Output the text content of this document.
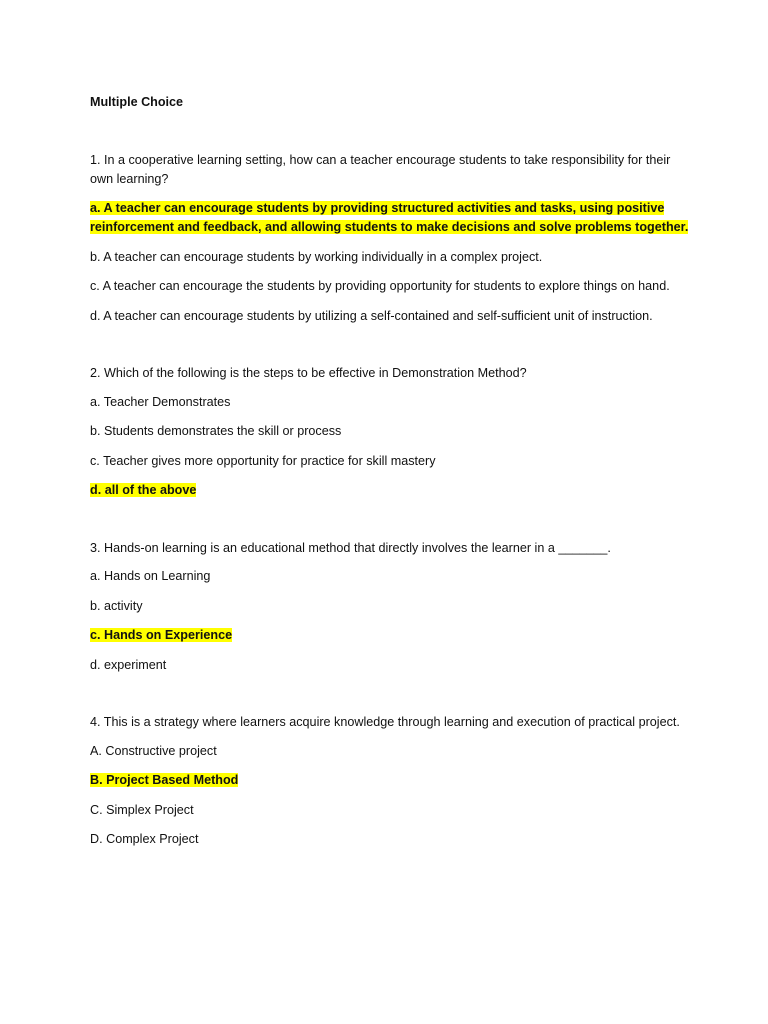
Multiple Choice

1. In a cooperative learning setting, how can a teacher encourage students to take responsibility for their own learning?

a. A teacher can encourage students by providing structured activities and tasks, using positive reinforcement and feedback, and allowing students to make decisions and solve problems together.

b. A teacher can encourage students by working individually in a complex project.

c. A teacher can encourage the students by providing opportunity for students to explore things on hand.

d. A teacher can encourage students by utilizing a self-contained and self-sufficient unit of instruction.

2. Which of the following is the steps to be effective in Demonstration Method?

a. Teacher Demonstrates

b. Students demonstrates the skill or process

c. Teacher gives more opportunity for practice for skill mastery

d. all of the above

3. Hands-on learning is an educational method that directly involves the learner in a _______.

a. Hands on Learning

b. activity

c. Hands on Experience

d. experiment

4. This is a strategy where learners acquire knowledge through learning and execution of practical project.

A. Constructive project

B. Project Based Method

C. Simplex Project

D. Complex Project
